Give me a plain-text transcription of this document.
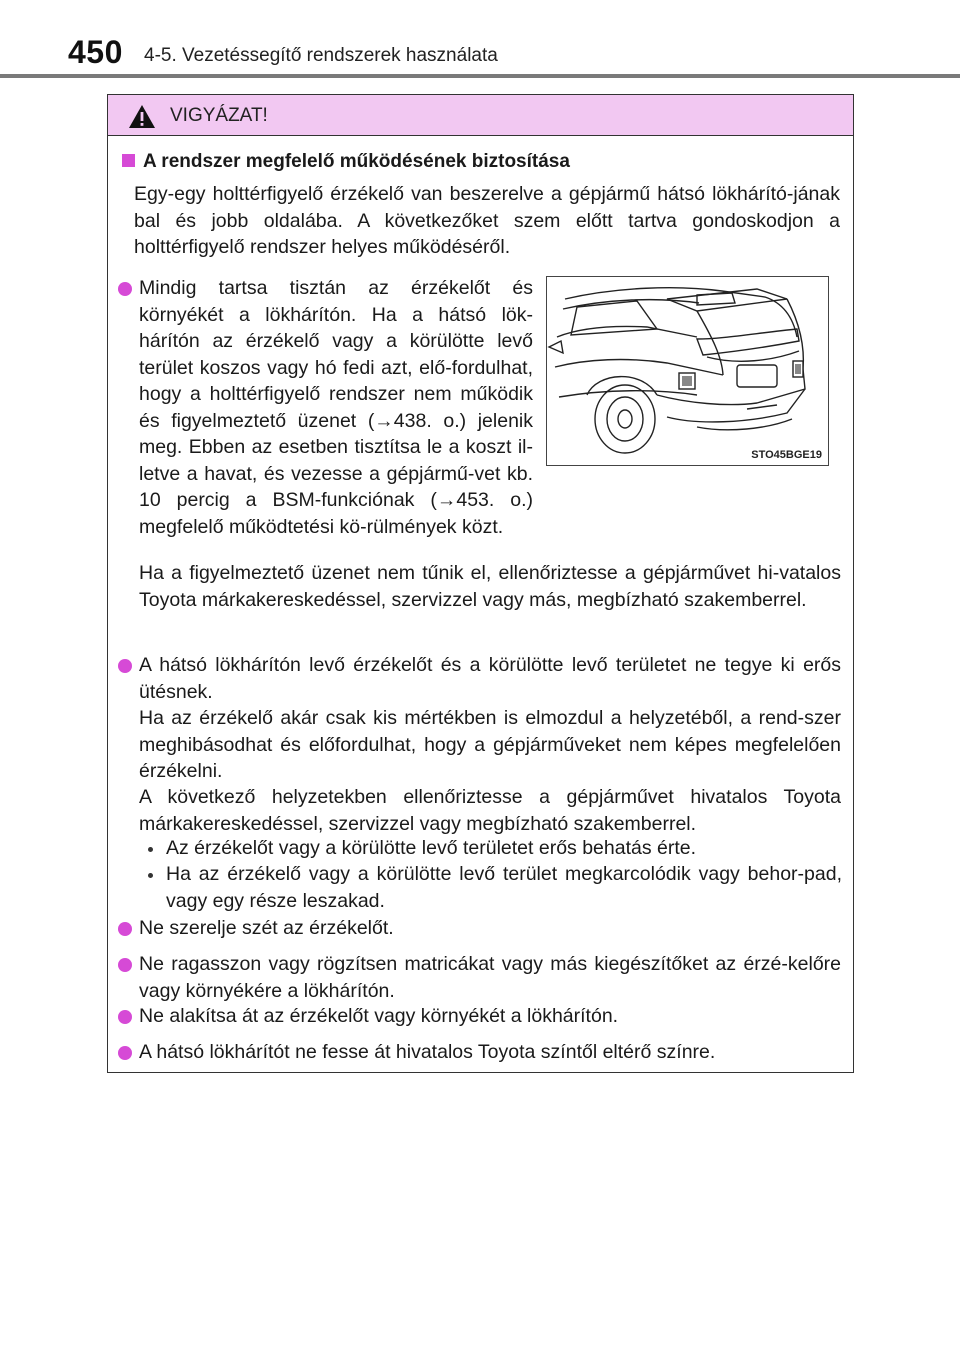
450 4-5. Vezetéssegítő rendszerek használata
VIGYÁZAT!
A rendszer megfelelő működésének biztosítása
Egy-egy holttérfigyelő érzékelő van beszerelve a gépjármű hátsó lökhárító-jának bal és jobb oldalába. A következőket szem előtt tartva gondoskodjon a holttérfigyelő rendszer helyes működéséről.
Mindig tartsa tisztán az érzékelőt és környékét a lökhárítón. Ha a hátsó lök-hárítón az érzékelő vagy a körülötte levő terület koszos vagy hó fedi azt, elő-fordulhat, hogy a holttérfigyelő rendszer nem működik és figyelmeztető üzenet (→438. o.) jelenik meg. Ebben az esetben tisztítsa le a koszt il-letve a havat, és vezesse a gépjármű-vet kb. 10 percig a BSM-funkciónak (→453. o.) megfelelő működtetési kö-rülmények közt.
STO45BGE19
Ha a figyelmeztető üzenet nem tűnik el, ellenőriztesse a gépjárművet hi-vatalos Toyota márkakereskedéssel, szervizzel vagy más, megbízható szakemberrel.
A hátsó lökhárítón levő érzékelőt és a körülötte levő területet ne tegye ki erős ütésnek.
Ha az érzékelő akár csak kis mértékben is elmozdul a helyzetéből, a rend-szer meghibásodhat és előfordulhat, hogy a gépjárműveket nem képes megfelelően érzékelni.
A következő helyzetekben ellenőriztesse a gépjárművet hivatalos Toyota márkakereskedéssel, szervizzel vagy megbízható szakemberrel.
Az érzékelőt vagy a körülötte levő területet erős behatás érte.
Ha az érzékelő vagy a körülötte levő terület megkarcolódik vagy behor-pad, vagy egy része leszakad.
Ne szerelje szét az érzékelőt.
Ne ragasszon vagy rögzítsen matricákat vagy más kiegészítőket az érzé-kelőre vagy környékére a lökhárítón.
Ne alakítsa át az érzékelőt vagy környékét a lökhárítón.
A hátsó lökhárítót ne fesse át hivatalos Toyota színtől eltérő színre.
